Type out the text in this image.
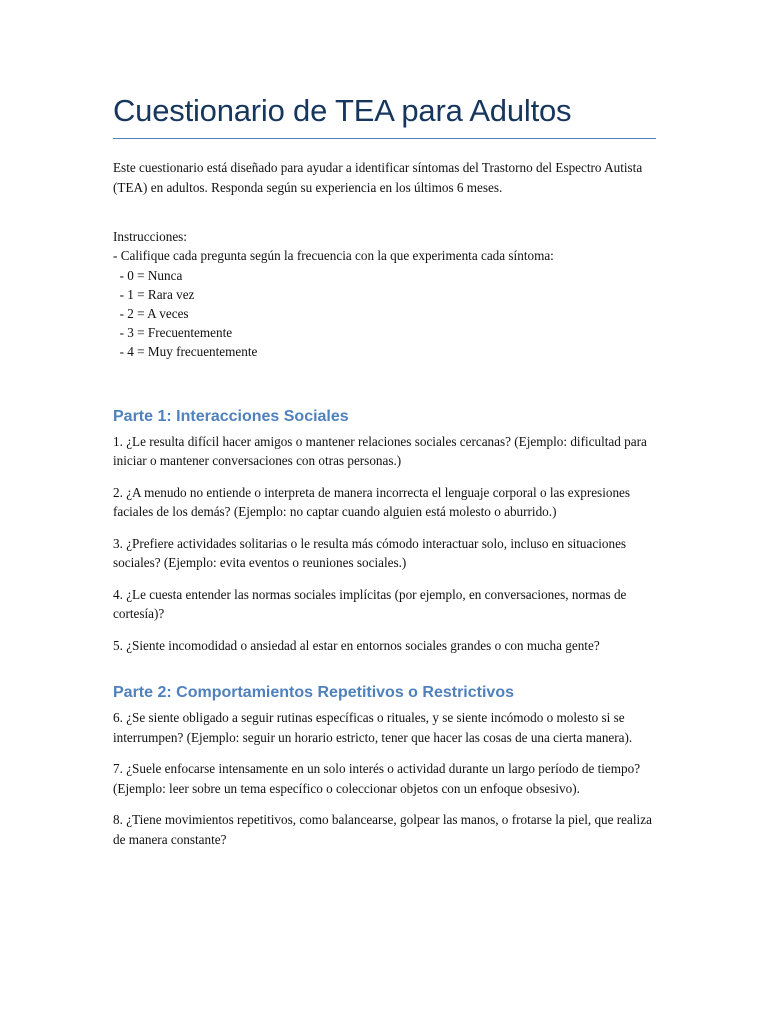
Cuestionario de TEA para Adultos

Este cuestionario está diseñado para ayudar a identificar síntomas del Trastorno del Espectro Autista (TEA) en adultos. Responda según su experiencia en los últimos 6 meses.

Instrucciones:
- Califique cada pregunta según la frecuencia con la que experimenta cada síntoma:
- 0 = Nunca
- 1 = Rara vez
- 2 = A veces
- 3 = Frecuentemente
- 4 = Muy frecuentemente
Parte 1: Interacciones Sociales

1. ¿Le resulta difícil hacer amigos o mantener relaciones sociales cercanas? (Ejemplo: dificultad para iniciar o mantener conversaciones con otras personas.)

2. ¿A menudo no entiende o interpreta de manera incorrecta el lenguaje corporal o las expresiones faciales de los demás? (Ejemplo: no captar cuando alguien está molesto o aburrido.)

3. ¿Prefiere actividades solitarias o le resulta más cómodo interactuar solo, incluso en situaciones sociales? (Ejemplo: evita eventos o reuniones sociales.)

4. ¿Le cuesta entender las normas sociales implícitas (por ejemplo, en conversaciones, normas de cortesía)?

5. ¿Siente incomodidad o ansiedad al estar en entornos sociales grandes o con mucha gente?

Parte 2: Comportamientos Repetitivos o Restrictivos

6. ¿Se siente obligado a seguir rutinas específicas o rituales, y se siente incómodo o molesto si se interrumpen? (Ejemplo: seguir un horario estricto, tener que hacer las cosas de una cierta manera).

7. ¿Suele enfocarse intensamente en un solo interés o actividad durante un largo período de tiempo? (Ejemplo: leer sobre un tema específico o coleccionar objetos con un enfoque obsesivo).

8. ¿Tiene movimientos repetitivos, como balancearse, golpear las manos, o frotarse la piel, que realiza de manera constante?
